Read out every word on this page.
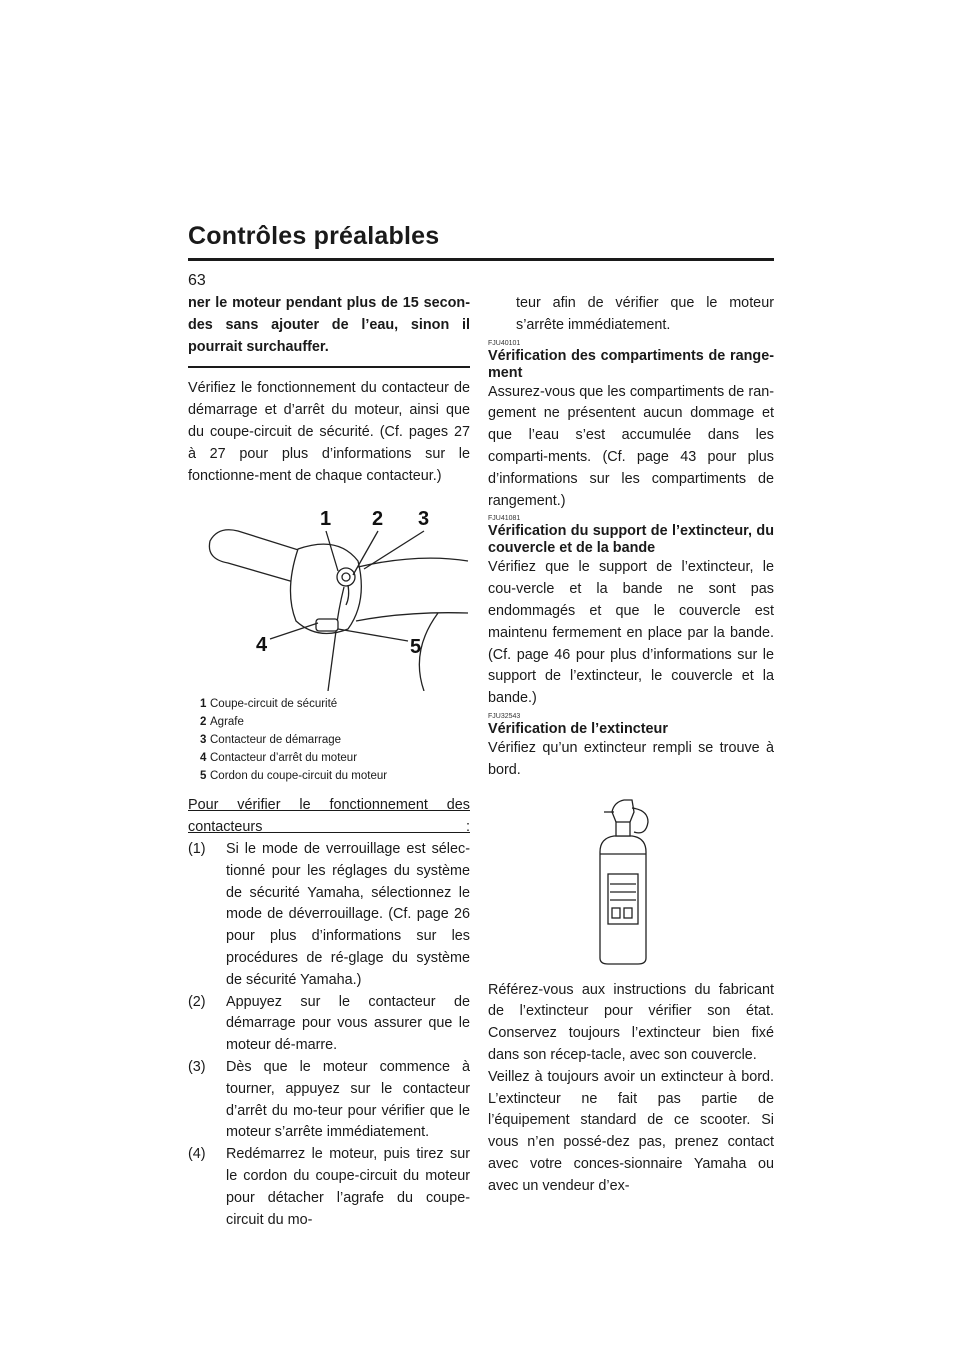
Contrôles préalables
63

ner le moteur pendant plus de 15 secon-des sans ajouter de l’eau, sinon il pourrait surchauffer.

Vérifiez le fonctionnement du contacteur de démarrage et d’arrêt du moteur, ainsi que du coupe-circuit de sécurité. (Cf. pages 27 à 27 pour plus d’informations sur le fonctionne-ment de chaque contacteur.)

1 2 3
4	5
1 Coupe-circuit de sécurité
2 Agrafe
3 Contacteur de démarrage
4 Contacteur d’arrêt du moteur
5 Cordon du coupe-circuit du moteur

Pour vérifier le fonctionnement des contacteurs :

(1) Si le mode de verrouillage est sélec-tionné pour les réglages du système de sécurité Yamaha, sélectionnez le mode de déverrouillage. (Cf. page 26 pour plus d’informations sur les procédures de ré-glage du système de sécurité Yamaha.)
(2) Appuyez sur le contacteur de démarrage pour vous assurer que le moteur dé-marre.
(3) Dès que le moteur commence à tourner, appuyez sur le contacteur d’arrêt du mo-teur pour vérifier que le moteur s’arrête immédiatement.
(4) Redémarrez le moteur, puis tirez sur le cordon du coupe-circuit du moteur pour détacher l’agrafe du coupe-circuit du mo-

teur afin de vérifier que le moteur s’arrête immédiatement.

FJU40101

Vérification des compartiments de range-ment

Assurez-vous que les compartiments de ran-gement ne présentent aucun dommage et que l’eau s’est accumulée dans les comparti-ments. (Cf. page 43 pour plus d’informations sur les compartiments de rangement.)

FJU41081

Vérification du support de l’extincteur, du couvercle et de la bande

Vérifiez que le support de l’extincteur, le cou-vercle et la bande ne sont pas endommagés et que le couvercle est maintenu fermement en place par la bande. (Cf. page 46 pour plus d’informations sur le support de l’extincteur, le couvercle et la bande.)

FJU32543

Vérification de l’extincteur

Vérifiez qu’un extincteur rempli se trouve à bord.

Référez-vous aux instructions du fabricant de l’extincteur pour vérifier son état. Conservez toujours l’extincteur bien fixé dans son récep-tacle, avec son couvercle.

Veillez à toujours avoir un extincteur à bord. L’extincteur ne fait pas partie de l’équipement standard de ce scooter. Si vous n’en possé-dez pas, prenez contact avec votre conces-sionnaire Yamaha ou avec un vendeur d’ex-
